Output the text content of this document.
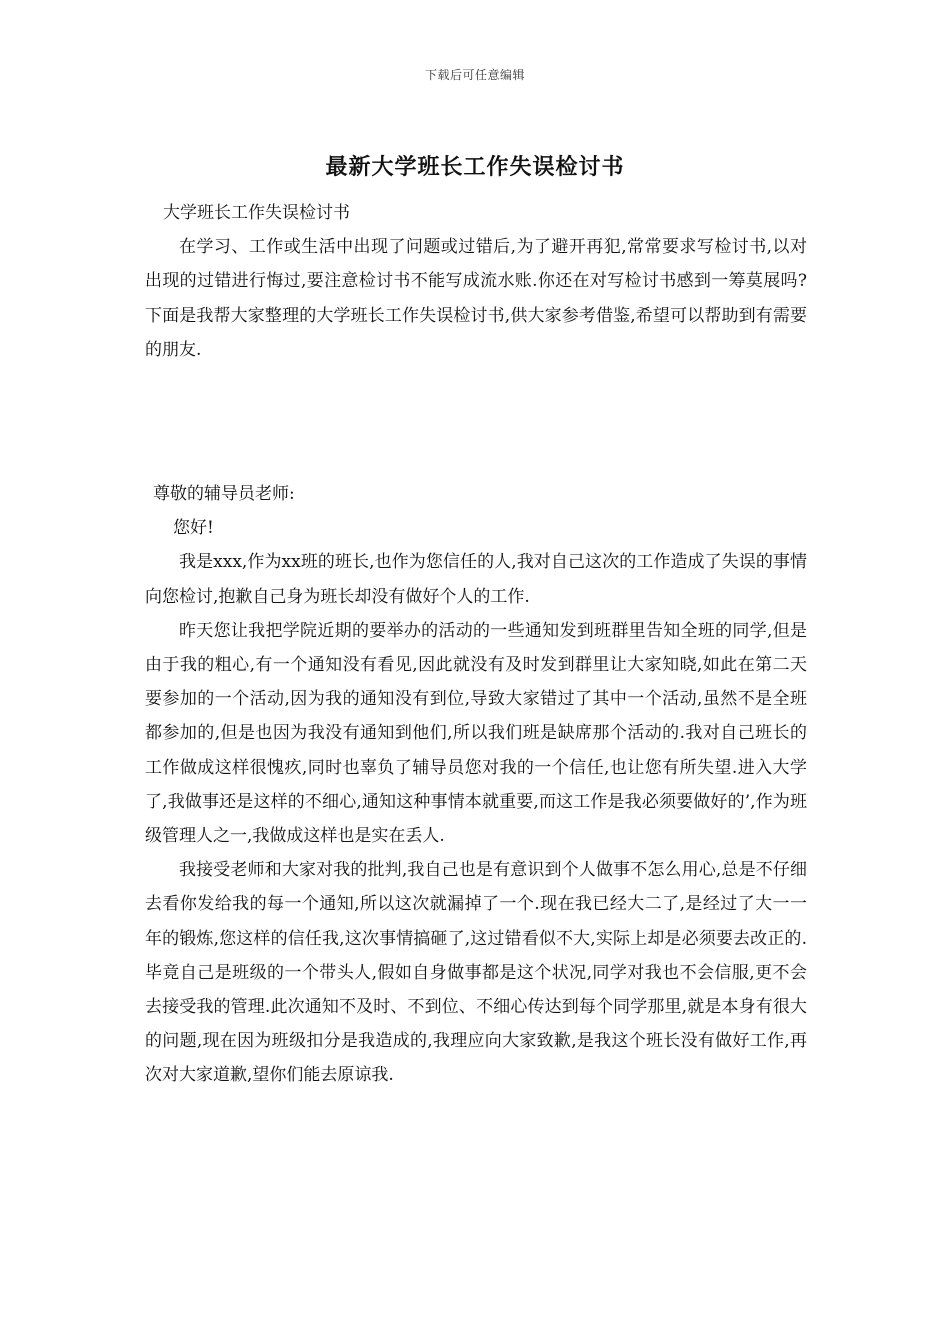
下载后可任意编辑
最新大学班长工作失误检讨书

大学班长工作失误检讨书

在学习、工作或生活中出现了问题或过错后,为了避开再犯,常常要求写检讨书,以对出现的过错进行悔过,要注意检讨书不能写成流水账.你还在对写检讨书感到一筹莫展吗?下面是我帮大家整理的大学班长工作失误检讨书,供大家参考借鉴,希望可以帮助到有需要的朋友.

尊敬的辅导员老师:

您好!

我是xxx,作为xx班的班长,也作为您信任的人,我对自己这次的工作造成了失误的事情向您检讨,抱歉自己身为班长却没有做好个人的工作.

昨天您让我把学院近期的要举办的活动的一些通知发到班群里告知全班的同学,但是由于我的粗心,有一个通知没有看见,因此就没有及时发到群里让大家知晓,如此在第二天要参加的一个活动,因为我的通知没有到位,导致大家错过了其中一个活动,虽然不是全班都参加的,但是也因为我没有通知到他们,所以我们班是缺席那个活动的.我对自己班长的工作做成这样很愧疚,同时也辜负了辅导员您对我的一个信任,也让您有所失望.进入大学了,我做事还是这样的不细心,通知这种事情本就重要,而这工作是我必须要做好的’,作为班级管理人之一,我做成这样也是实在丢人.

我接受老师和大家对我的批判,我自己也是有意识到个人做事不怎么用心,总是不仔细去看你发给我的每一个通知,所以这次就漏掉了一个.现在我已经大二了,是经过了大一一年的锻炼,您这样的信任我,这次事情搞砸了,这过错看似不大,实际上却是必须要去改正的.毕竟自己是班级的一个带头人,假如自身做事都是这个状况,同学对我也不会信服,更不会去接受我的管理.此次通知不及时、不到位、不细心传达到每个同学那里,就是本身有很大的问题,现在因为班级扣分是我造成的,我理应向大家致歉,是我这个班长没有做好工作,再次对大家道歉,望你们能去原谅我.
